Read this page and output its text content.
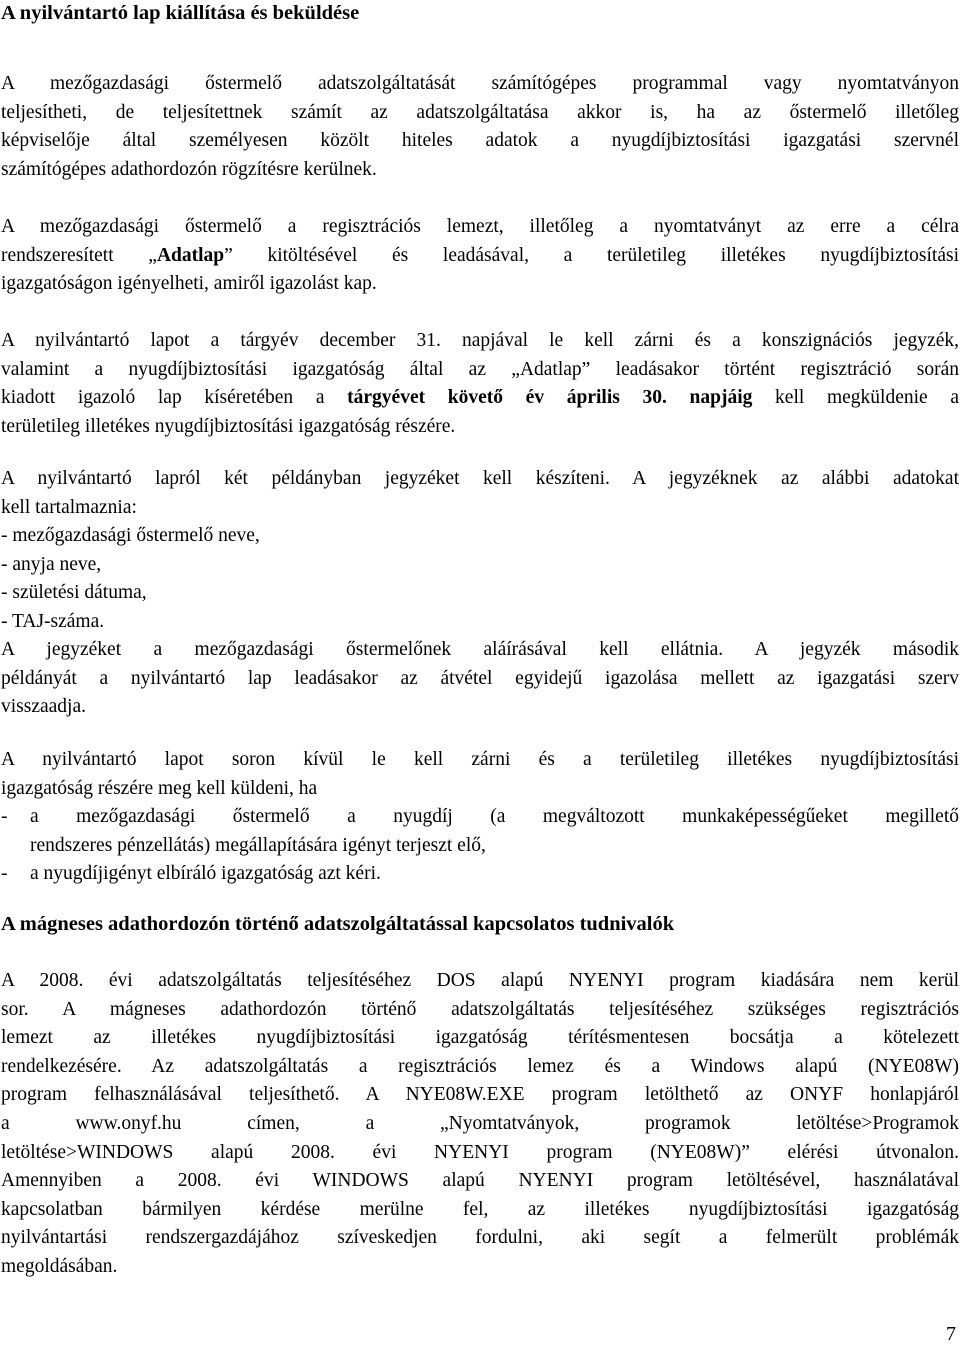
A nyilvántartó lap kiállítása és beküldése
A mezőgazdasági őstermelő adatszolgáltatását számítógépes programmal vagy nyomtatványon
teljesítheti, de teljesítettnek számít az adatszolgáltatása akkor is, ha az őstermelő illetőleg
képviselője által személyesen közölt hiteles adatok a nyugdíjbiztosítási igazgatási szervnél
számítógépes adathordozón rögzítésre kerülnek.
A mezőgazdasági őstermelő a regisztrációs lemezt, illetőleg a nyomtatványt az erre a célra
rendszeresített „Adatlap” kitöltésével és leadásával, a területileg illetékes nyugdíjbiztosítási
igazgatóságon igényelheti, amiről igazolást kap.
A nyilvántartó lapot a tárgyév december 31. napjával le kell zárni és a konszignációs jegyzék,
valamint a nyugdíjbiztosítási igazgatóság által az „Adatlap” leadásakor történt regisztráció során
kiadott igazoló lap kíséretében a tárgyévet követő év április 30. napjáig kell megküldenie a
területileg illetékes nyugdíjbiztosítási igazgatóság részére.
A nyilvántartó lapról két példányban jegyzéket kell készíteni. A jegyzéknek az alábbi adatokat
kell tartalmaznia:
- mezőgazdasági őstermelő neve,
- anyja neve,
- születési dátuma,
- TAJ-száma.
A jegyzéket a mezőgazdasági őstermelőnek aláírásával kell ellátnia. A jegyzék második
példányát a nyilvántartó lap leadásakor az átvétel egyidejű igazolása mellett az igazgatási szerv
visszaadja.
A nyilvántartó lapot soron kívül le kell zárni és a területileg illetékes nyugdíjbiztosítási
igazgatóság részére meg kell küldeni, ha
- a mezőgazdasági őstermelő a nyugdíj (a megváltozott munkaképességűeket megillető
rendszeres pénzellátás) megállapítására igényt terjeszt elő,
- a nyugdíjigényt elbíráló igazgatóság azt kéri.
A mágneses adathordozón történő adatszolgáltatással kapcsolatos tudnivalók
A 2008. évi adatszolgáltatás teljesítéséhez DOS alapú NYENYI program kiadására nem kerül
sor. A mágneses adathordozón történő adatszolgáltatás teljesítéséhez szükséges regisztrációs
lemezt az illetékes nyugdíjbiztosítási igazgatóság térítésmentesen bocsátja a kötelezett
rendelkezésére. Az adatszolgáltatás a regisztrációs lemez és a Windows alapú (NYE08W)
program felhasználásával teljesíthető. A NYE08W.EXE program letölthető az ONYF honlapjáról
a www.onyf.hu címen, a „Nyomtatványok, programok letöltése>Programok
letöltése>WINDOWS alapú 2008. évi NYENYI program (NYE08W)” elérési útvonalon.
Amennyiben a 2008. évi WINDOWS alapú NYENYI program letöltésével, használatával
kapcsolatban bármilyen kérdése merülne fel, az illetékes nyugdíjbiztosítási igazgatóság
nyilvántartási rendszergazdájához szíveskedjen fordulni, aki segít a felmerült problémák
megoldásában.
7
